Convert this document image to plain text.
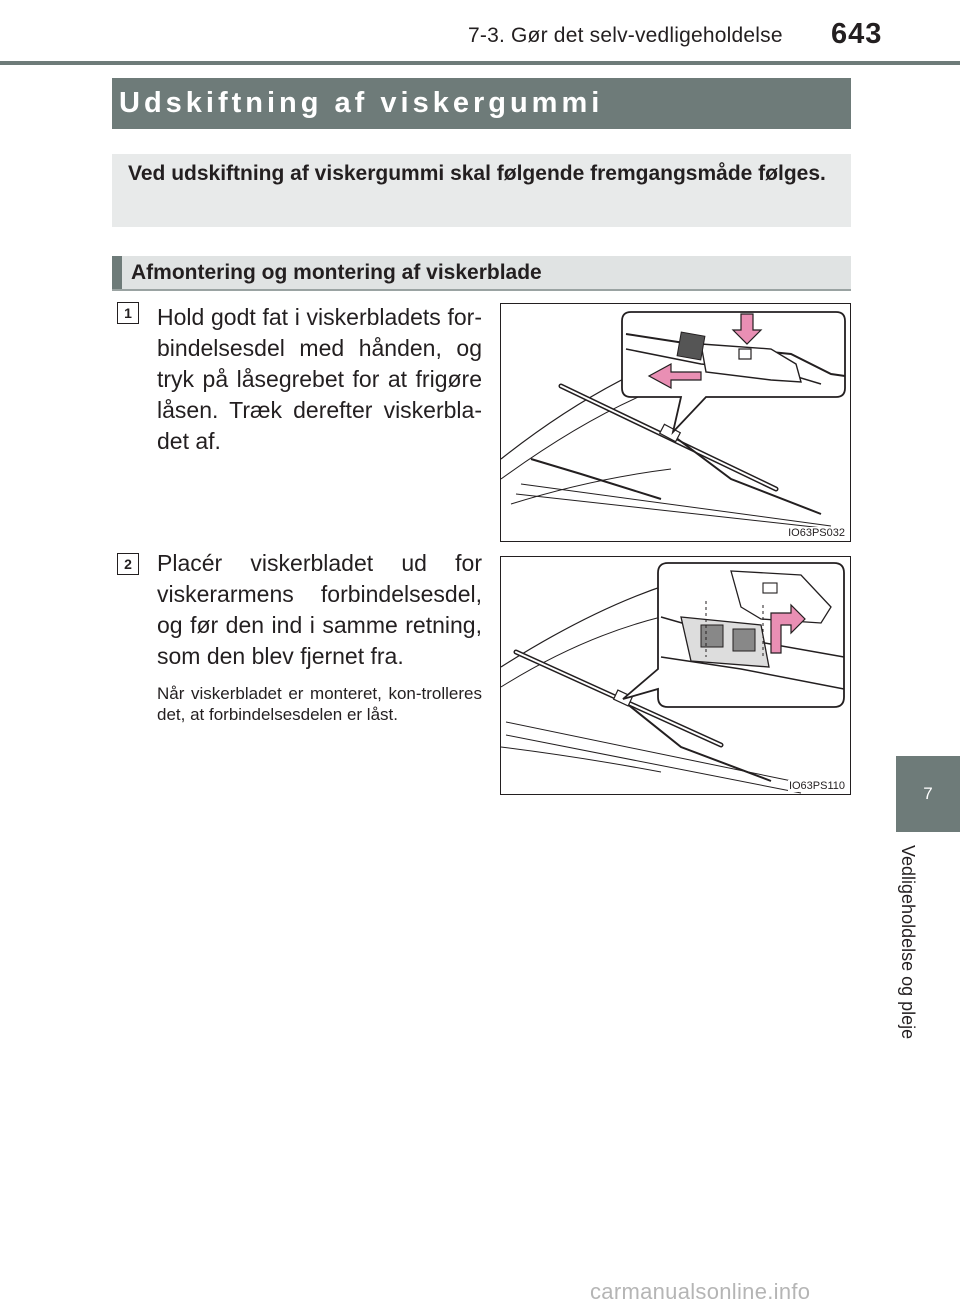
7-3. Gør det selv-vedligeholdelse 643
7
Vedligeholdelse og pleje
Udskiftning af viskergummi
Ved udskiftning af viskergummi skal følgende fremgangsmåde følges.
Afmontering og montering af viskerblade
1	Hold godt fat i viskerbladets for-bindelsesdel med hånden, og tryk på låsegrebet for at frigøre låsen. Træk derefter viskerbla-det af.
IO63PS032
2	Placér viskerbladet ud for viskerarmens forbindelsesdel, og før den ind i samme retning, som den blev fjernet fra.
Når viskerbladet er monteret, kon-trolleres det, at forbindelsesdelen er låst.
IO63PS110
carmanualsonline.info
